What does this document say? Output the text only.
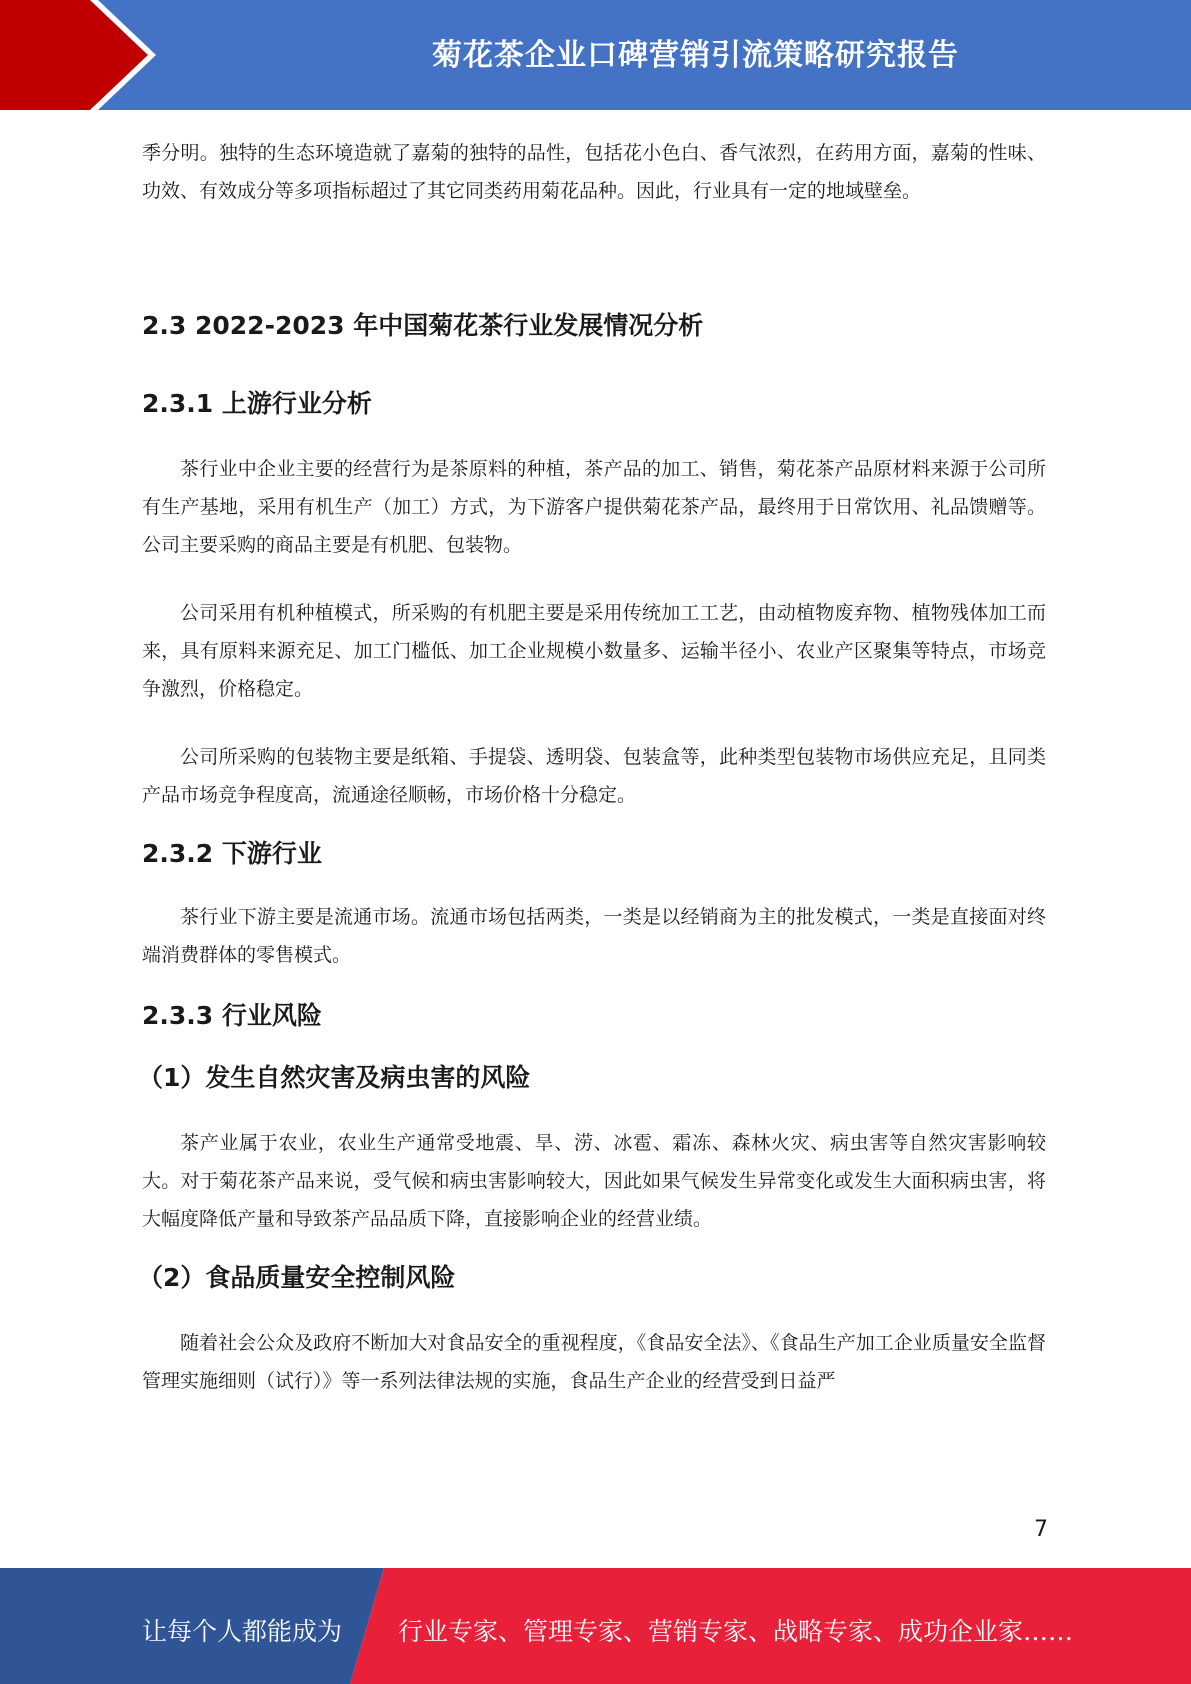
菊花茶企业口碑营销引流策略研究报告

季分明。独特的生态环境造就了嘉菊的独特的品性，包括花小色白、香气浓烈，在药用方面，嘉菊的性味、功效、有效成分等多项指标超过了其它同类药用菊花品种。因此，行业具有一定的地域壁垒。

2.3 2022-2023 年中国菊花茶行业发展情况分析
2.3.1 上游行业分析

茶行业中企业主要的经营行为是茶原料的种植，茶产品的加工、销售，菊花茶产品原材料来源于公司所有生产基地，采用有机生产（加工）方式，为下游客户提供菊花茶产品，最终用于日常饮用、礼品馈赠等。公司主要采购的商品主要是有机肥、包装物。

公司采用有机种植模式，所采购的有机肥主要是采用传统加工工艺，由动植物废弃物、植物残体加工而来，具有原料来源充足、加工门槛低、加工企业规模小数量多、运输半径小、农业产区聚集等特点，市场竞争激烈，价格稳定。

公司所采购的包装物主要是纸箱、手提袋、透明袋、包装盒等，此种类型包装物市场供应充足，且同类产品市场竞争程度高，流通途径顺畅，市场价格十分稳定。

2.3.2 下游行业

茶行业下游主要是流通市场。流通市场包括两类，一类是以经销商为主的批发模式，一类是直接面对终端消费群体的零售模式。

2.3.3 行业风险
（1）发生自然灾害及病虫害的风险

茶产业属于农业，农业生产通常受地震、旱、涝、冰雹、霜冻、森林火灾、病虫害等自然灾害影响较大。对于菊花茶产品来说，受气候和病虫害影响较大，因此如果气候发生异常变化或发生大面积病虫害，将大幅度降低产量和导致茶产品品质下降，直接影响企业的经营业绩。

（2）食品质量安全控制风险

随着社会公众及政府不断加大对食品安全的重视程度，《食品安全法》、《食品生产加工企业质量安全监督管理实施细则（试行）》等一系列法律法规的实施，食品生产企业的经营受到日益严

7
让每个人都能成为 行业专家、管理专家、营销专家、战略专家、成功企业家……
